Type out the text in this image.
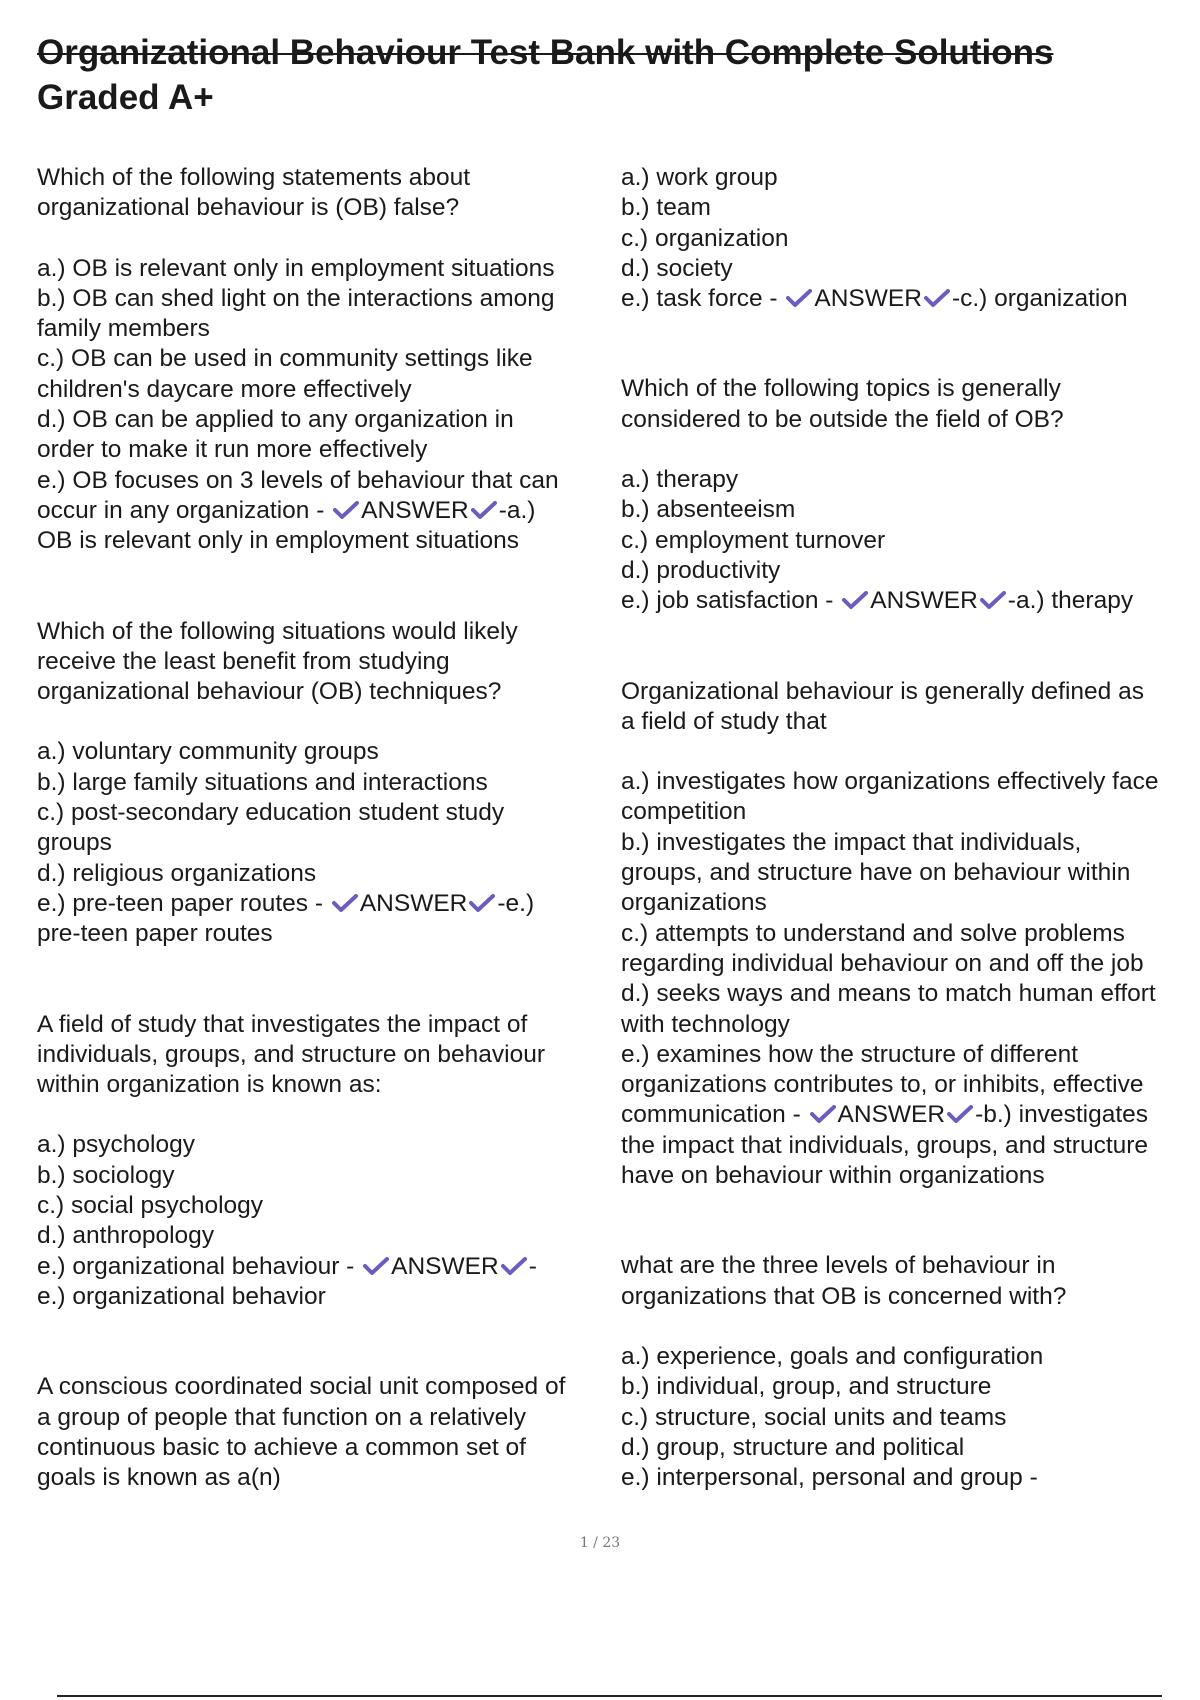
Organizational Behaviour Test Bank with Complete Solutions
Graded A+
Which of the following statements about
organizational behaviour is (OB) false?
a.) OB is relevant only in employment situations
b.) OB can shed light on the interactions among
family members
c.) OB can be used in community settings like
children's daycare more effectively
d.) OB can be applied to any organization in
order to make it run more effectively
e.) OB focuses on 3 levels of behaviour that can
occur in any organization - ANSWER -a.)
OB is relevant only in employment situations
Which of the following situations would likely
receive the least benefit from studying
organizational behaviour (OB) techniques?
a.) voluntary community groups
b.) large family situations and interactions
c.) post-secondary education student study
groups
d.) religious organizations
e.) pre-teen paper routes - ANSWER -e.)
pre-teen paper routes
A field of study that investigates the impact of
individuals, groups, and structure on behaviour
within organization is known as:
a.) psychology
b.) sociology
c.) social psychology
d.) anthropology
e.) organizational behaviour - ANSWER -
e.) organizational behavior
A conscious coordinated social unit composed of
a group of people that function on a relatively
continuous basic to achieve a common set of
goals is known as a(n)
a.) work group
b.) team
c.) organization
d.) society
e.) task force - ANSWER -c.) organization
Which of the following topics is generally
considered to be outside the field of OB?
a.) therapy
b.) absenteeism
c.) employment turnover
d.) productivity
e.) job satisfaction - ANSWER -a.) therapy
Organizational behaviour is generally defined as
a field of study that
a.) investigates how organizations effectively face
competition
b.) investigates the impact that individuals,
groups, and structure have on behaviour within
organizations
c.) attempts to understand and solve problems
regarding individual behaviour on and off the job
d.) seeks ways and means to match human effort
with technology
e.) examines how the structure of different
organizations contributes to, or inhibits, effective
communication - ANSWER -b.) investigates
the impact that individuals, groups, and structure
have on behaviour within organizations
what are the three levels of behaviour in
organizations that OB is concerned with?
a.) experience, goals and configuration
b.) individual, group, and structure
c.) structure, social units and teams
d.) group, structure and political
e.) interpersonal, personal and group -
1 / 23
